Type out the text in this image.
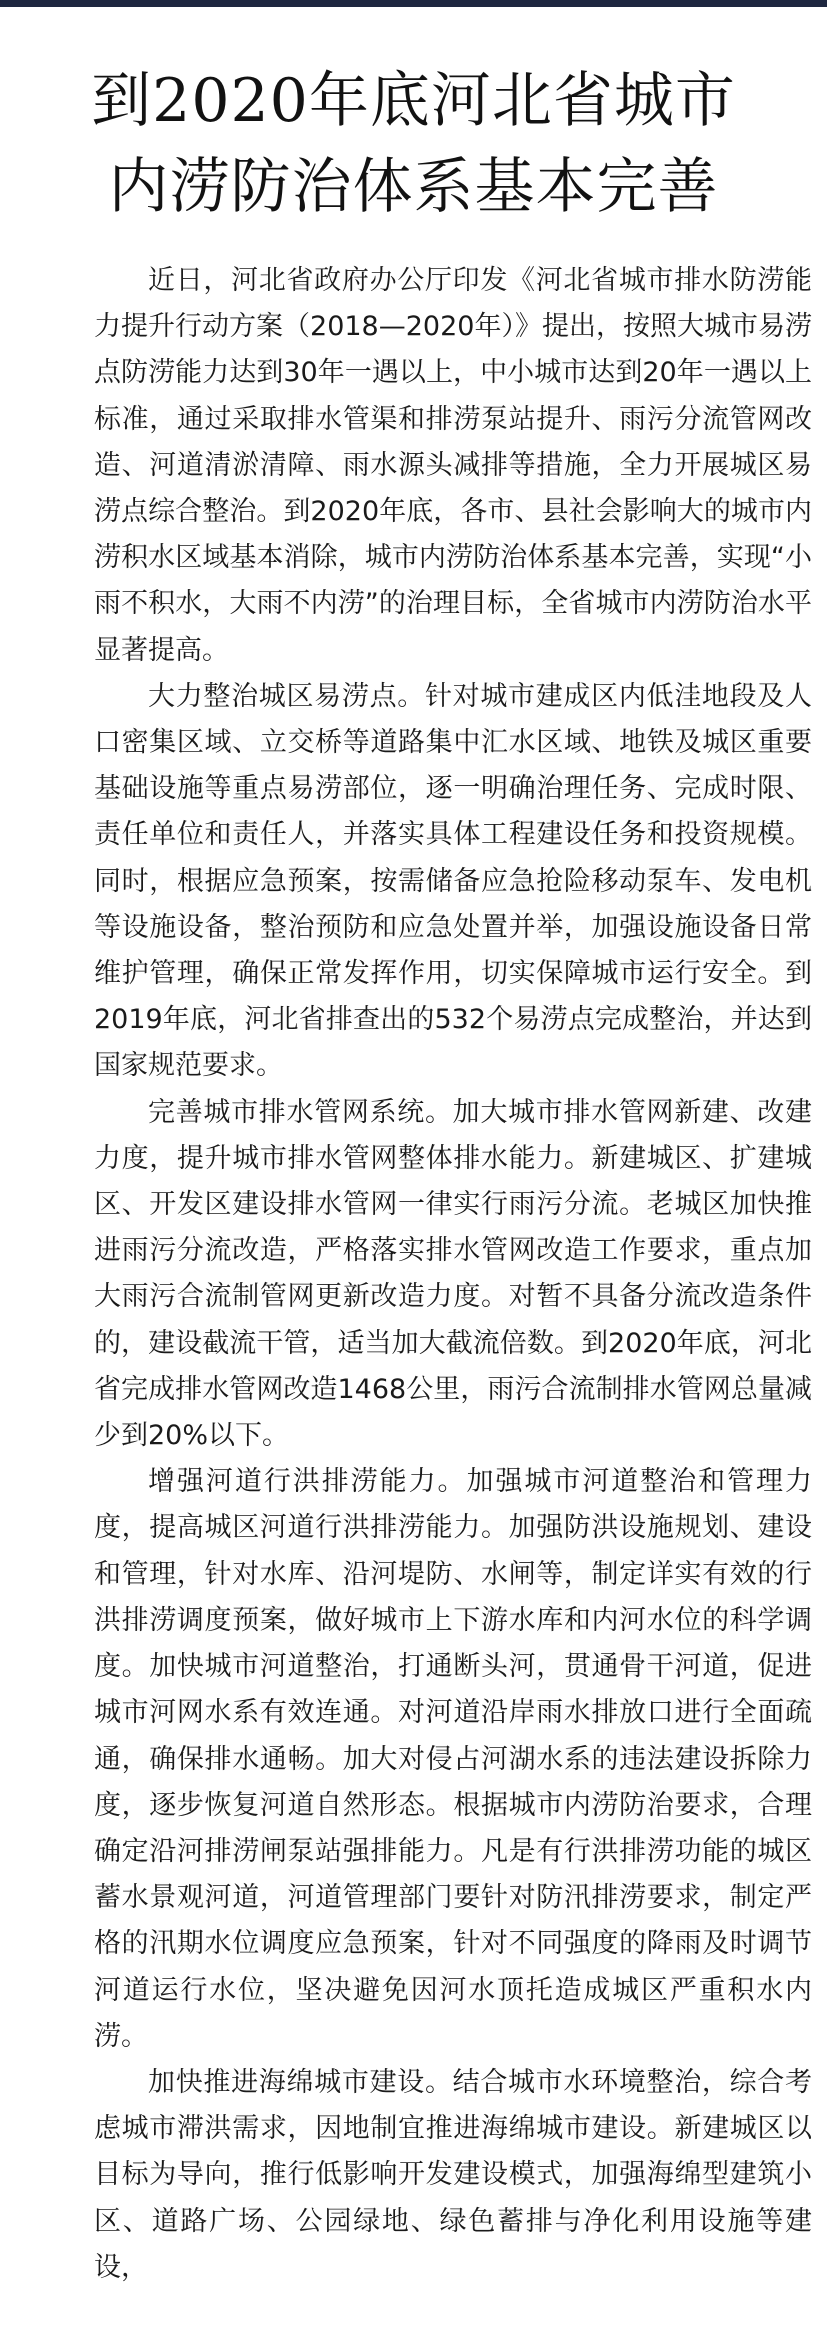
到2020年底河北省城市
内涝防治体系基本完善

近日，河北省政府办公厅印发《河北省城市排水防涝能力提升行动方案（2018—2020年）》提出，按照大城市易涝点防涝能力达到30年一遇以上，中小城市达到20年一遇以上标准，通过采取排水管渠和排涝泵站提升、雨污分流管网改造、河道清淤清障、雨水源头减排等措施，全力开展城区易涝点综合整治。到2020年底，各市、县社会影响大的城市内涝积水区域基本消除，城市内涝防治体系基本完善，实现“小雨不积水，大雨不内涝”的治理目标，全省城市内涝防治水平显著提高。

大力整治城区易涝点。针对城市建成区内低洼地段及人口密集区域、立交桥等道路集中汇水区域、地铁及城区重要基础设施等重点易涝部位，逐一明确治理任务、完成时限、责任单位和责任人，并落实具体工程建设任务和投资规模。同时，根据应急预案，按需储备应急抢险移动泵车、发电机等设施设备，整治预防和应急处置并举，加强设施设备日常维护管理，确保正常发挥作用，切实保障城市运行安全。到2019年底，河北省排查出的532个易涝点完成整治，并达到国家规范要求。

完善城市排水管网系统。加大城市排水管网新建、改建力度，提升城市排水管网整体排水能力。新建城区、扩建城区、开发区建设排水管网一律实行雨污分流。老城区加快推进雨污分流改造，严格落实排水管网改造工作要求，重点加大雨污合流制管网更新改造力度。对暂不具备分流改造条件的，建设截流干管，适当加大截流倍数。到2020年底，河北省完成排水管网改造1468公里，雨污合流制排水管网总量减少到20%以下。

增强河道行洪排涝能力。加强城市河道整治和管理力度，提高城区河道行洪排涝能力。加强防洪设施规划、建设和管理，针对水库、沿河堤防、水闸等，制定详实有效的行洪排涝调度预案，做好城市上下游水库和内河水位的科学调度。加快城市河道整治，打通断头河，贯通骨干河道，促进城市河网水系有效连通。对河道沿岸雨水排放口进行全面疏通，确保排水通畅。加大对侵占河湖水系的违法建设拆除力度，逐步恢复河道自然形态。根据城市内涝防治要求，合理确定沿河排涝闸泵站强排能力。凡是有行洪排涝功能的城区蓄水景观河道，河道管理部门要针对防汛排涝要求，制定严格的汛期水位调度应急预案，针对不同强度的降雨及时调节河道运行水位，坚决避免因河水顶托造成城区严重积水内涝。

加快推进海绵城市建设。结合城市水环境整治，综合考虑城市滞洪需求，因地制宜推进海绵城市建设。新建城区以目标为导向，推行低影响开发建设模式，加强海绵型建筑小区、道路广场、公园绿地、绿色蓄排与净化利用设施等建设，
